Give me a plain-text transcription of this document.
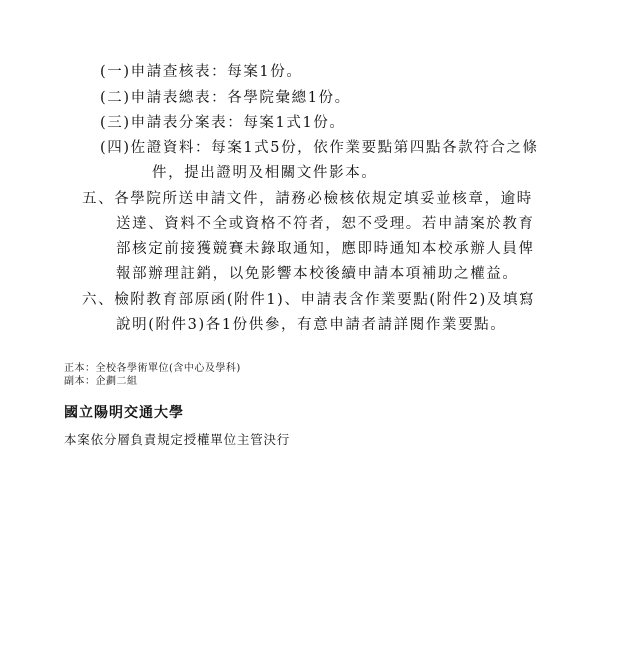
(一)申請查核表：每案1份。
(二)申請表總表：各學院彙總1份。
(三)申請表分案表：每案1式1份。
(四)佐證資料：每案1式5份，依作業要點第四點各款符合之條
件，提出證明及相關文件影本。
五、各學院所送申請文件，請務必檢核依規定填妥並核章，逾時
送達、資料不全或資格不符者，恕不受理。若申請案於教育
部核定前接獲競賽未錄取通知，應即時通知本校承辦人員俾
報部辦理註銷，以免影響本校後續申請本項補助之權益。
六、檢附教育部原函(附件1)、申請表含作業要點(附件2)及填寫
說明(附件3)各1份供參，有意申請者請詳閱作業要點。
正本：全校各學術單位(含中心及學科)
副本：企劃二組
國立陽明交通大學
本案依分層負責規定授權單位主管決行
